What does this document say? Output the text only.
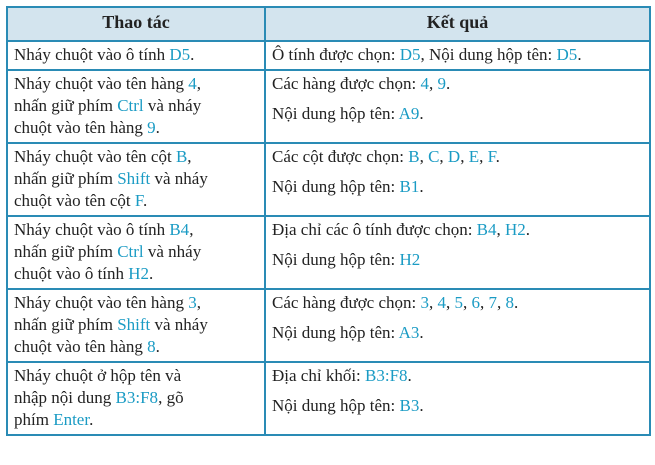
Thao tác	Kết quả

Nháy chuột vào ô tính D5.	Ô tính được chọn: D5, Nội dung hộp tên: D5.

Nháy chuột vào tên hàng 4,
nhấn giữ phím Ctrl và nháy
chuột vào tên hàng 9.	Các hàng được chọn: 4, 9.
Nội dung hộp tên: A9.

Nháy chuột vào tên cột B,
nhấn giữ phím Shift và nháy
chuột vào tên cột F.	Các cột được chọn: B, C, D, E, F.
Nội dung hộp tên: B1.

Nháy chuột vào ô tính B4,
nhấn giữ phím Ctrl và nháy
chuột vào ô tính H2.	Địa chỉ các ô tính được chọn: B4, H2.
Nội dung hộp tên: H2

Nháy chuột vào tên hàng 3,
nhấn giữ phím Shift và nháy
chuột vào tên hàng 8.	Các hàng được chọn: 3, 4, 5, 6, 7, 8.
Nội dung hộp tên: A3.

Nháy chuột ở hộp tên và
nhập nội dung B3:F8, gõ
phím Enter.	Địa chỉ khối: B3:F8.
Nội dung hộp tên: B3.
